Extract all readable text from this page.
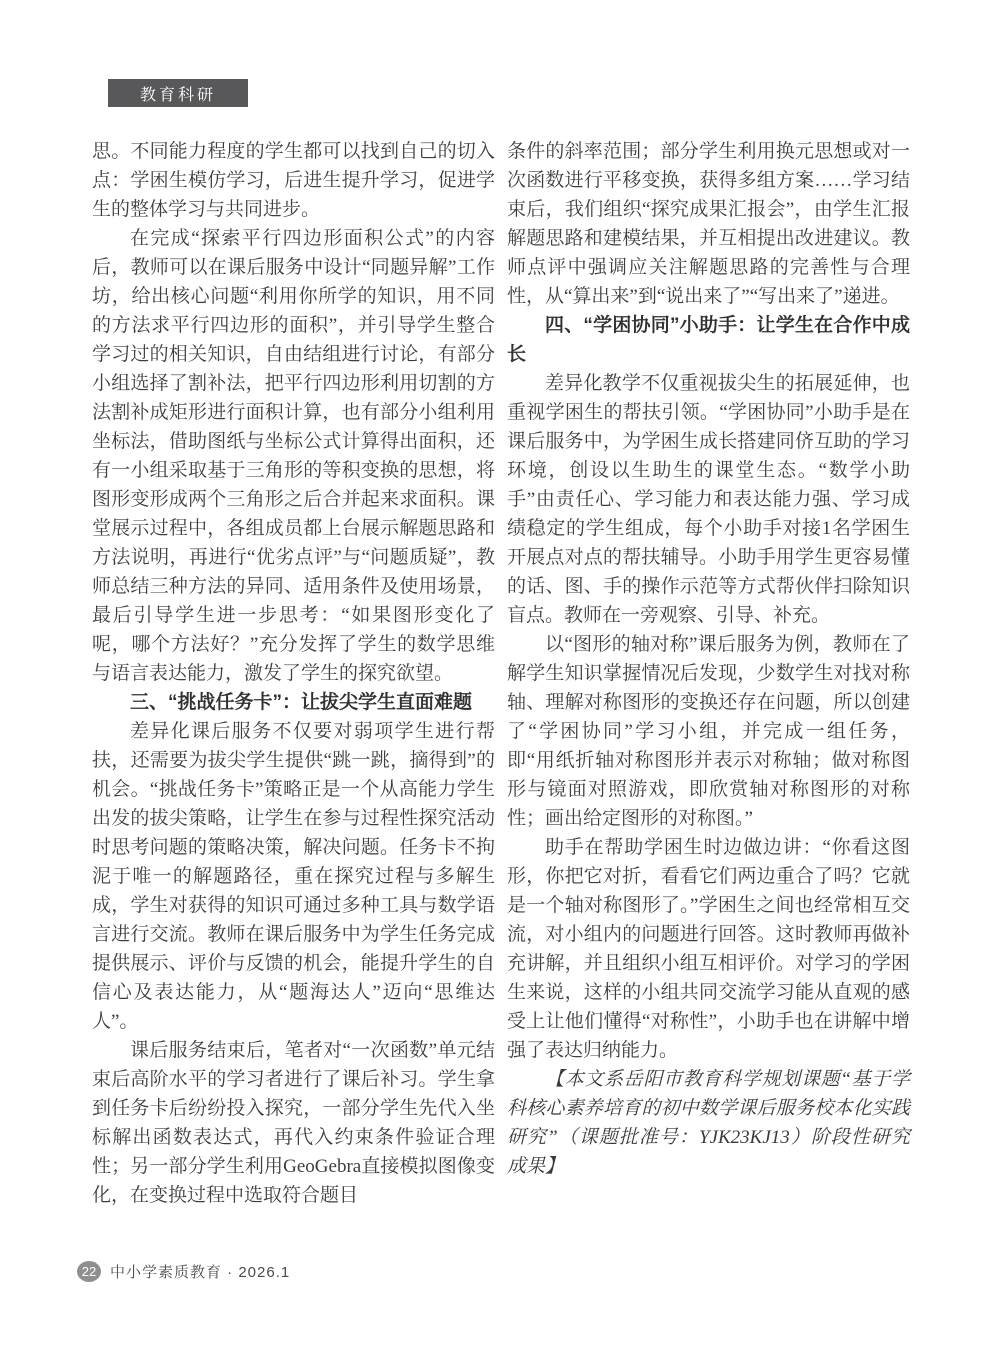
教育科研

思。不同能力程度的学生都可以找到自己的切入点：学困生模仿学习，后进生提升学习，促进学生的整体学习与共同进步。

在完成“探索平行四边形面积公式”的内容后，教师可以在课后服务中设计“同题异解”工作坊，给出核心问题“利用你所学的知识，用不同的方法求平行四边形的面积”，并引导学生整合学习过的相关知识，自由结组进行讨论，有部分小组选择了割补法，把平行四边形利用切割的方法割补成矩形进行面积计算，也有部分小组利用坐标法，借助图纸与坐标公式计算得出面积，还有一小组采取基于三角形的等积变换的思想，将图形变形成两个三角形之后合并起来求面积。课堂展示过程中，各组成员都上台展示解题思路和方法说明，再进行“优劣点评”与“问题质疑”，教师总结三种方法的异同、适用条件及使用场景，最后引导学生进一步思考：“如果图形变化了呢，哪个方法好？”充分发挥了学生的数学思维与语言表达能力，激发了学生的探究欲望。

三、“挑战任务卡”：让拔尖学生直面难题

差异化课后服务不仅要对弱项学生进行帮扶，还需要为拔尖学生提供“跳一跳，摘得到”的机会。“挑战任务卡”策略正是一个从高能力学生出发的拔尖策略，让学生在参与过程性探究活动时思考问题的策略决策，解决问题。任务卡不拘泥于唯一的解题路径，重在探究过程与多解生成，学生对获得的知识可通过多种工具与数学语言进行交流。教师在课后服务中为学生任务完成提供展示、评价与反馈的机会，能提升学生的自信心及表达能力，从“题海达人”迈向“思维达人”。

课后服务结束后，笔者对“一次函数”单元结束后高阶水平的学习者进行了课后补习。学生拿到任务卡后纷纷投入探究，一部分学生先代入坐标解出函数表达式，再代入约束条件验证合理性；另一部分学生利用GeoGebra直接模拟图像变化，在变换过程中选取符合题目

条件的斜率范围；部分学生利用换元思想或对一次函数进行平移变换，获得多组方案……学习结束后，我们组织“探究成果汇报会”，由学生汇报解题思路和建模结果，并互相提出改进建议。教师点评中强调应关注解题思路的完善性与合理性，从“算出来”到“说出来了”“写出来了”递进。

四、“学困协同”小助手：让学生在合作中成长

差异化教学不仅重视拔尖生的拓展延伸，也重视学困生的帮扶引领。“学困协同”小助手是在课后服务中，为学困生成长搭建同侪互助的学习环境，创设以生助生的课堂生态。“数学小助手”由责任心、学习能力和表达能力强、学习成绩稳定的学生组成，每个小助手对接1名学困生开展点对点的帮扶辅导。小助手用学生更容易懂的话、图、手的操作示范等方式帮伙伴扫除知识盲点。教师在一旁观察、引导、补充。

以“图形的轴对称”课后服务为例，教师在了解学生知识掌握情况后发现，少数学生对找对称轴、理解对称图形的变换还存在问题，所以创建了“学困协同”学习小组，并完成一组任务，即“用纸折轴对称图形并表示对称轴；做对称图形与镜面对照游戏，即欣赏轴对称图形的对称性；画出给定图形的对称图。”

助手在帮助学困生时边做边讲：“你看这图形，你把它对折，看看它们两边重合了吗？它就是一个轴对称图形了。”学困生之间也经常相互交流，对小组内的问题进行回答。这时教师再做补充讲解，并且组织小组互相评价。对学习的学困生来说，这样的小组共同交流学习能从直观的感受上让他们懂得“对称性”，小助手也在讲解中增强了表达归纳能力。

【本文系岳阳市教育科学规划课题“基于学科核心素养培育的初中数学课后服务校本化实践研究”（课题批准号：YJK23KJ13）阶段性研究成果】

22 中小学素质教育 · 2026.1
